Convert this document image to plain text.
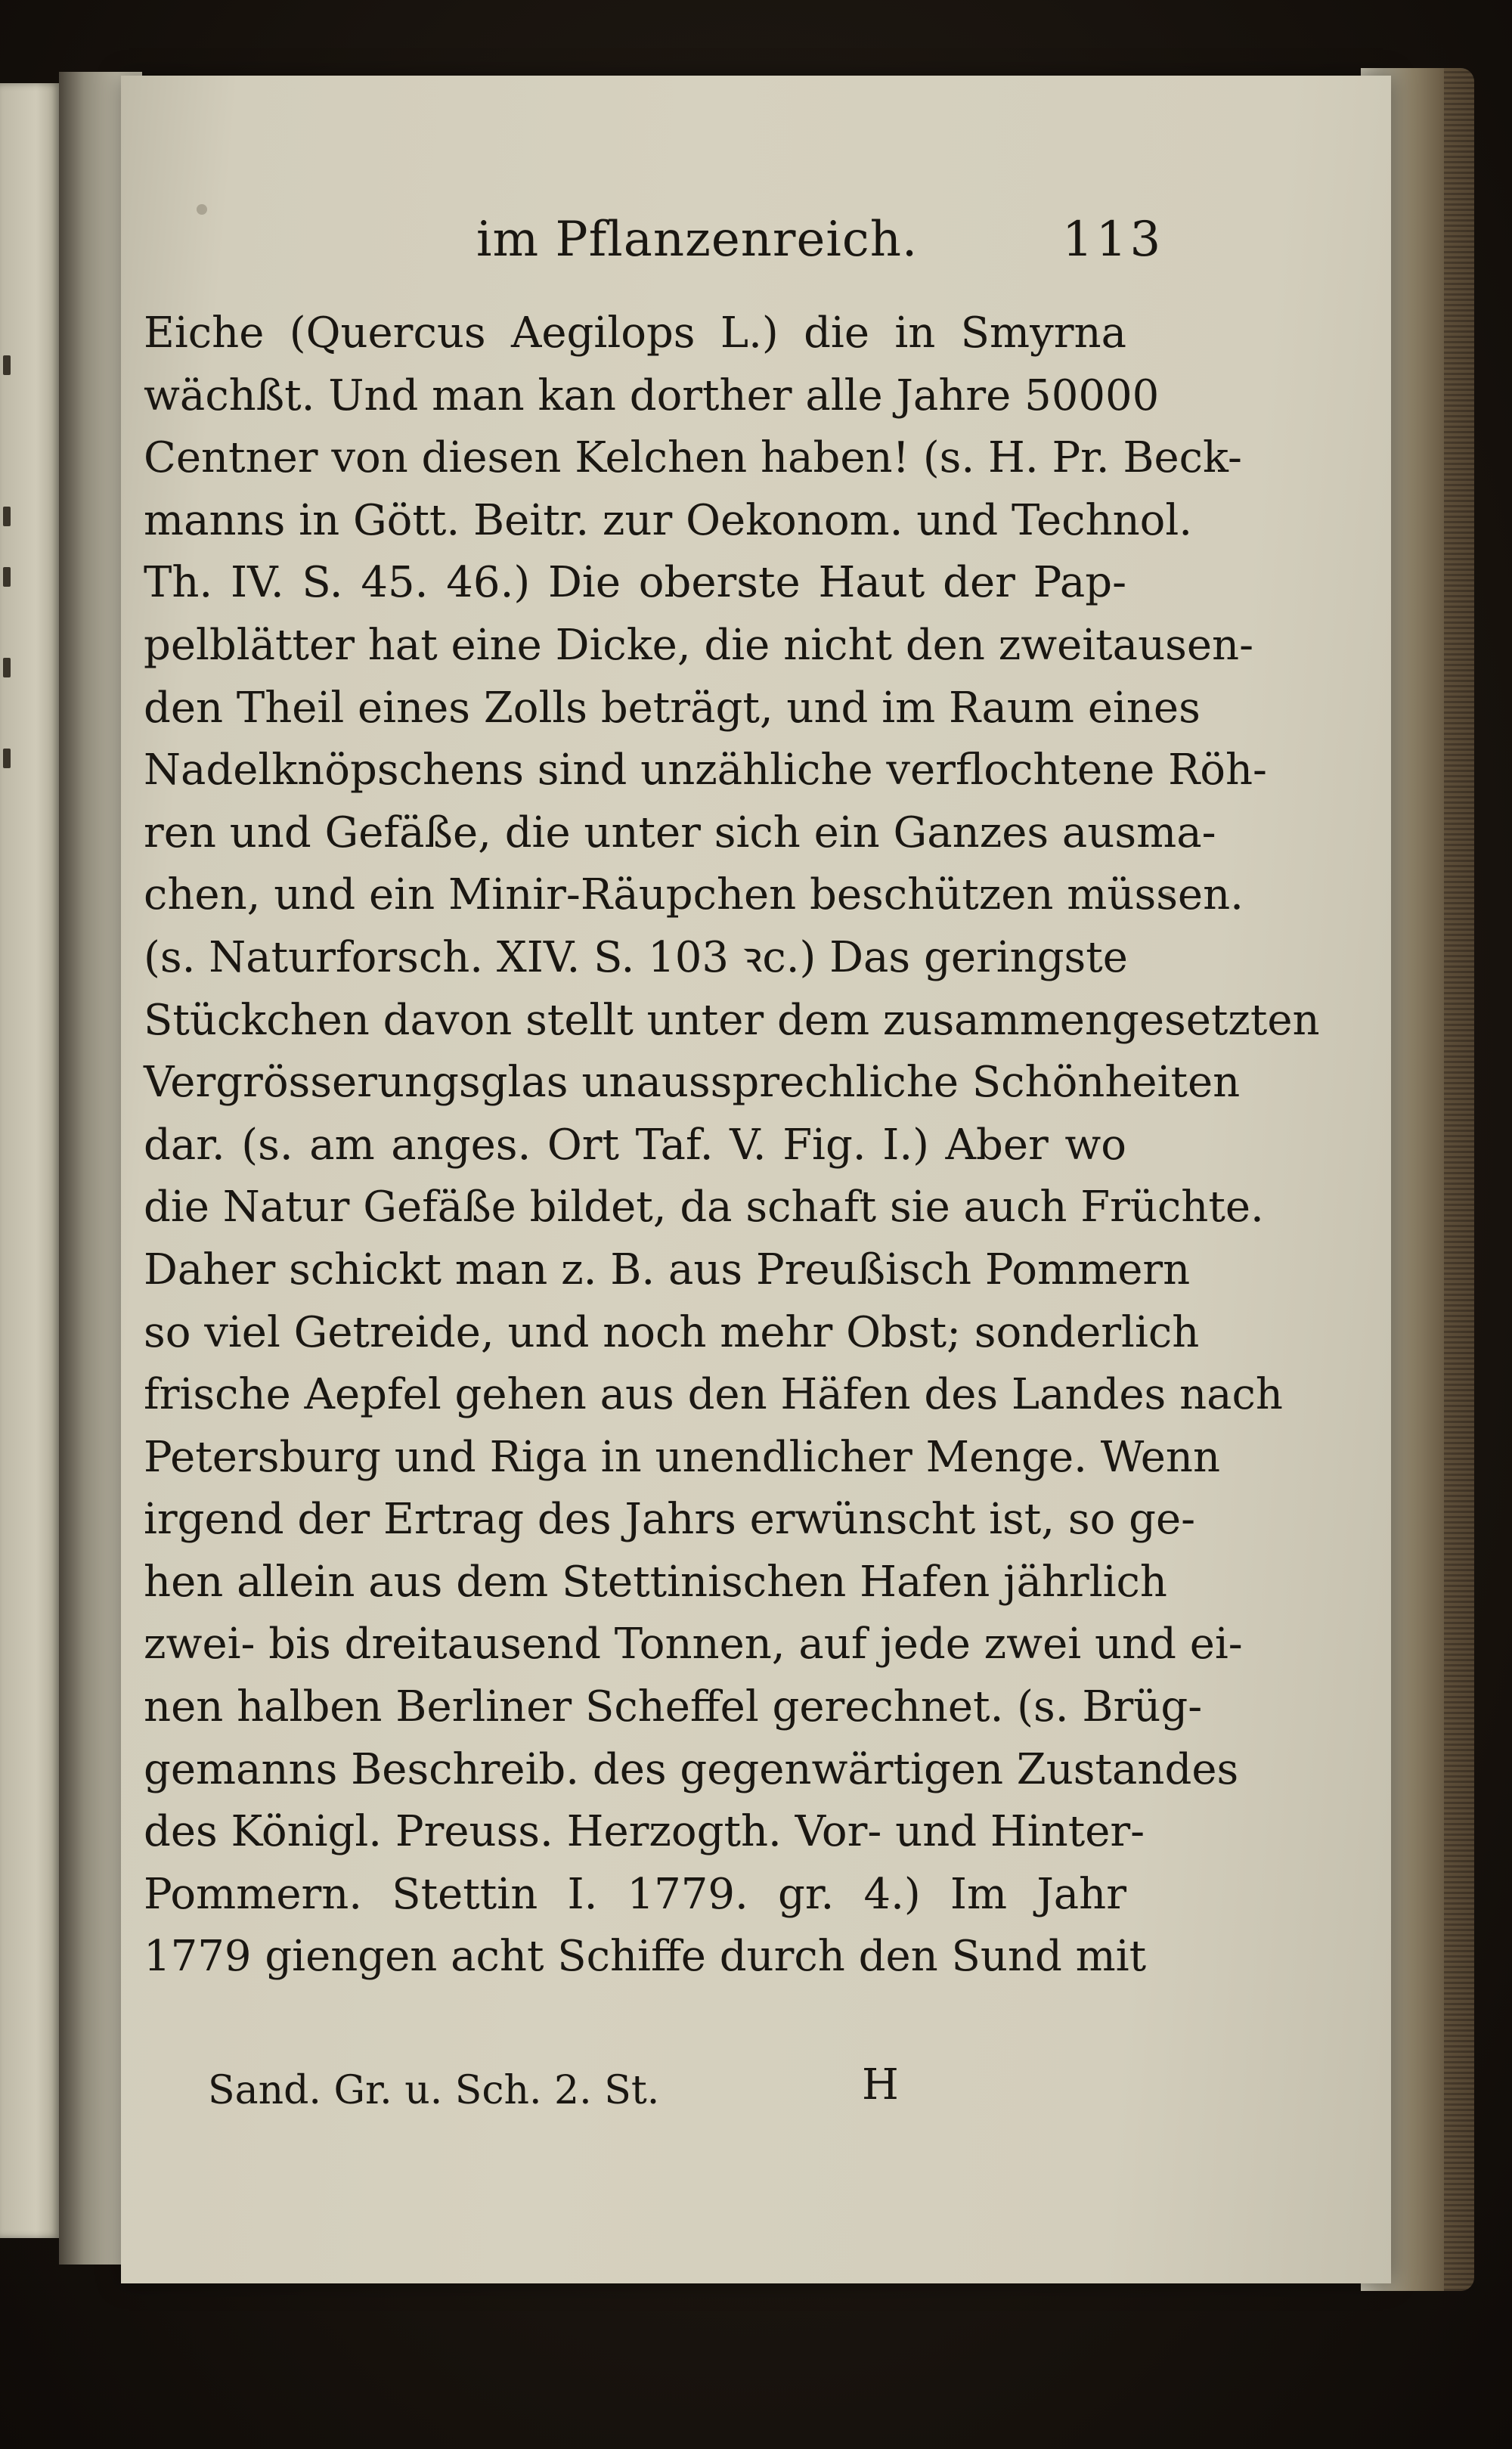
im Pflanzenreich.	113
Eiche (Quercus Aegilops L.) die in Smyrna
wächßt. Und man kan dorther alle Jahre 50000
Centner von diesen Kelchen haben! (s. H. Pr. Beck-
manns in Gött. Beitr. zur Oekonom. und Technol.
Th. IV. S. 45. 46.) Die oberste Haut der Pap-
pelblätter hat eine Dicke, die nicht den zweitausen-
den Theil eines Zolls beträgt, und im Raum eines
Nadelknöpschens sind unzähliche verflochtene Röh-
ren und Gefäße, die unter sich ein Ganzes ausma-
chen, und ein Minir-Räupchen beschützen müssen.
(s. Naturforsch. XIV. S. 103 ꝛc.) Das geringste
Stückchen davon stellt unter dem zusammengesetzten
Vergrösserungsglas unaussprechliche Schönheiten
dar. (s. am anges. Ort Taf. V. Fig. I.) Aber wo
die Natur Gefäße bildet, da schaft sie auch Früchte.
Daher schickt man z. B. aus Preußisch Pommern
so viel Getreide, und noch mehr Obst; sonderlich
frische Aepfel gehen aus den Häfen des Landes nach
Petersburg und Riga in unendlicher Menge. Wenn
irgend der Ertrag des Jahrs erwünscht ist, so ge-
hen allein aus dem Stettinischen Hafen jährlich
zwei- bis dreitausend Tonnen, auf jede zwei und ei-
nen halben Berliner Scheffel gerechnet. (s. Brüg-
gemanns Beschreib. des gegenwärtigen Zustandes
des Königl. Preuss. Herzogth. Vor- und Hinter-
Pommern. Stettin I. 1779. gr. 4.) Im Jahr
1779 giengen acht Schiffe durch den Sund mit
Sand. Gr. u. Sch. 2. St.	H
